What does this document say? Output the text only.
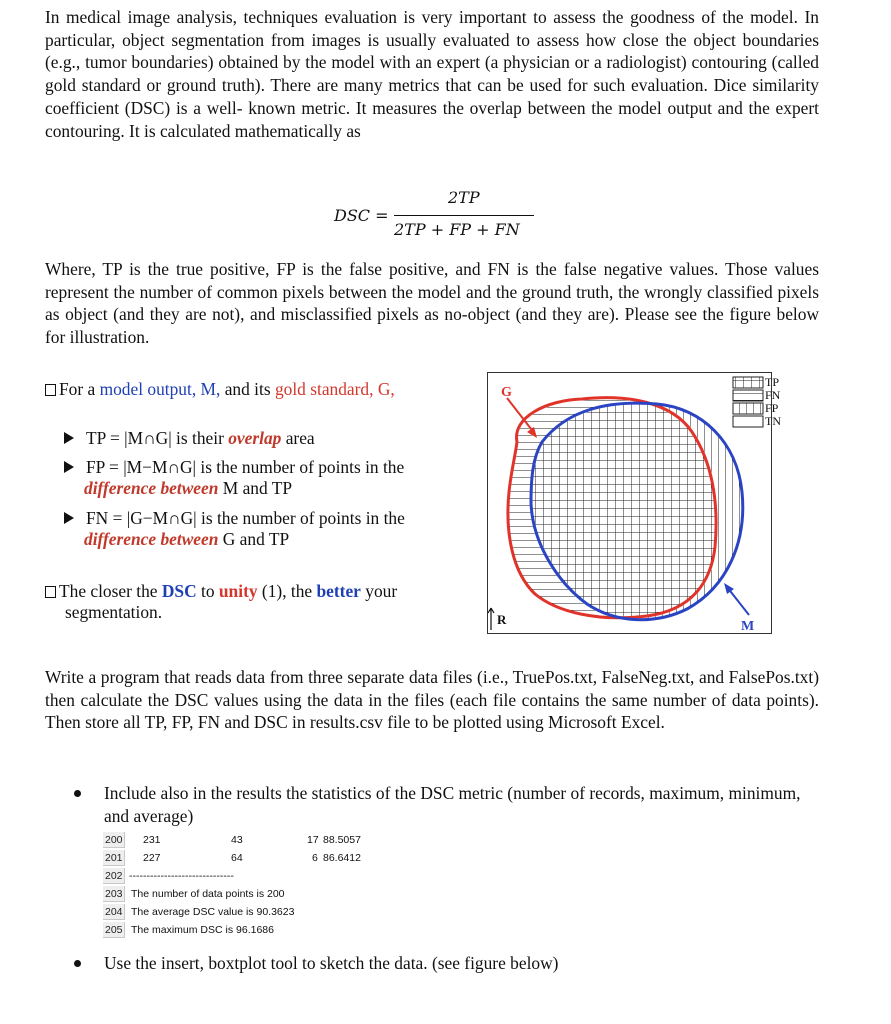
In medical image analysis, techniques evaluation is very important to assess the goodness of the model. In particular, object segmentation from images is usually evaluated to assess how close the object boundaries (e.g., tumor boundaries) obtained by the model with an expert (a physician or a radiologist) contouring (called gold standard or ground truth). There are many metrics that can be used for such evaluation. Dice similarity coefficient (DSC) is a well- known metric. It measures the overlap between the model output and the expert contouring. It is calculated mathematically as

DSC =
2TP
2TP + FP + FN

Where, TP is the true positive, FP is the false positive, and FN is the false negative values. Those values represent the number of common pixels between the model and the ground truth, the wrongly classified pixels as object (and they are not), and misclassified pixels as no-object (and they are). Please see the figure below for illustration.

For a model output, M, and its gold standard, G,
TP = |M∩G| is their overlap area
FP = |M−M∩G| is the number of points in the
difference between M and TP
FN = |G−M∩G| is the number of points in the
difference between G and TP
The closer the DSC to unity (1), the better your
segmentation.
G
M
R
TP
FN
FP
TN

Write a program that reads data from three separate data files (i.e., TruePos.txt, FalseNeg.txt, and FalsePos.txt) then calculate the DSC values using the data in the files (each file contains the same number of data points). Then store all TP, FP, FN and DSC in results.csv file to be plotted using Microsoft Excel.

Include also in the results the statistics of the DSC metric (number of records, maximum, minimum, and average)
Use the insert, boxtplot tool to sketch the data. (see figure below)
200 231	43	17 88.5057
201 227	64	6 86.6412
202 ------------------------------
203 The number of data points is 200
204 The average DSC value is 90.3623
205 The maximum DSC is 96.1686
